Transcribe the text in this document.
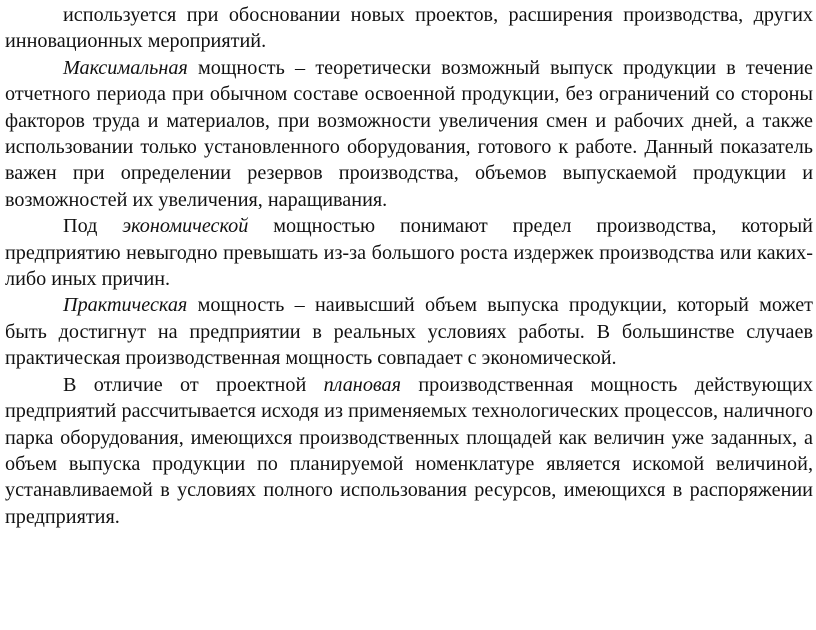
используется при обосновании новых проектов, расширения производства, других инновационных мероприятий.

Максимальная мощность – теоретически возможный выпуск продукции в течение отчетного периода при обычном составе освоенной продукции, без ограничений со стороны факторов труда и материалов, при возможности увеличения смен и рабочих дней, а также использовании только установленного оборудования, готового к работе. Данный показатель важен при определении резервов производства, объемов выпускаемой продукции и возможностей их увеличения, наращивания.

Под экономической мощностью понимают предел производства, который предприятию невыгодно превышать из-за большого роста издержек производства или каких-либо иных причин.

Практическая мощность – наивысший объем выпуска продукции, который может быть достигнут на предприятии в реальных условиях работы. В большинстве случаев практическая производственная мощность совпадает с экономической.

В отличие от проектной плановая производственная мощность действующих предприятий рассчитывается исходя из применяемых технологических процессов, наличного парка оборудования, имеющихся производственных площадей как величин уже заданных, а объем выпуска продукции по планируемой номенклатуре является искомой величиной, устанавливаемой в условиях полного использования ресурсов, имеющихся в распоряжении предприятия.
